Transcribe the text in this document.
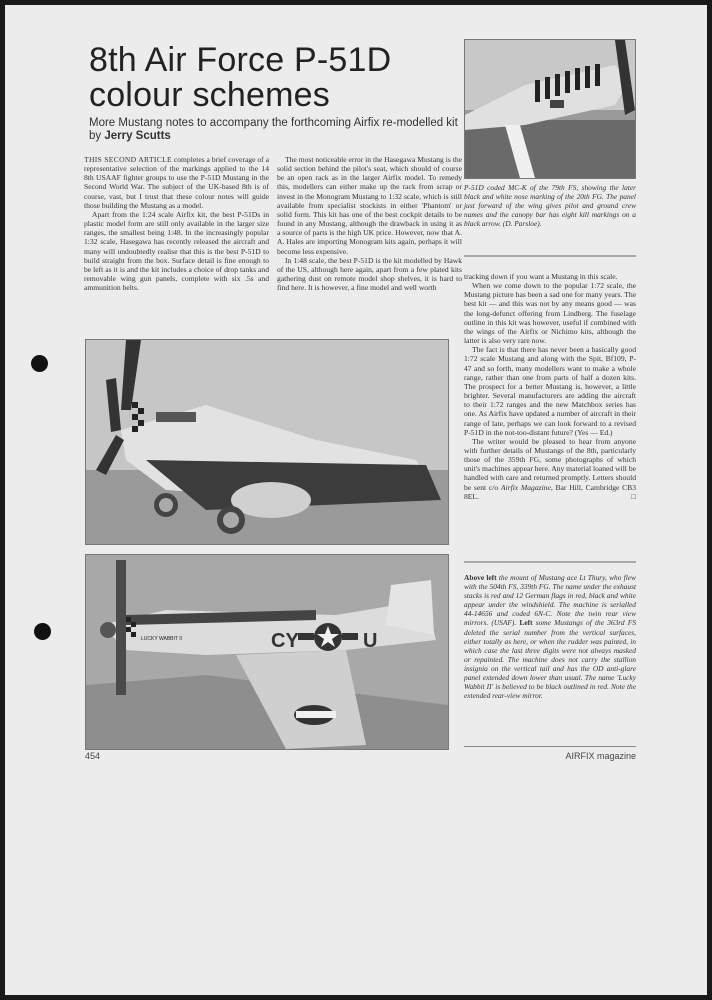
8th Air Force P-51D
colour schemes
More Mustang notes to accompany the forthcoming Airfix re-modelled kit by Jerry Scutts

THIS SECOND ARTICLE completes a brief coverage of a representative selection of the markings applied to the 14 8th USAAF fighter groups to use the P-51D Mustang in the Second World War. The subject of the UK-based 8th is of course, vast, but I trust that these colour notes will guide those building the Mustang as a model.

Apart from the 1:24 scale Airfix kit, the best P-51Ds in plastic model form are still only available in the larger size ranges, the smallest being 1:48. In the increasingly popular 1:32 scale, Hasegawa has recently released the aircraft and many will undoubtedly realise that this is the best P-51D to build straight from the box. Surface detail is fine enough to be left as it is and the kit includes a choice of drop tanks and removable wing gun panels, complete with six .5s and ammunition belts.

The most noticeable error in the Hasegawa Mustang is the solid section behind the pilot's seat, which should of course be an open rack as in the larger Airfix model. To remedy this, modellers can either make up the rack from scrap or invest in the Monogram Mustang to 1:32 scale, which is still available from specialist stockists in either 'Phantom' or solid form. This kit has one of the best cockpit details to be found in any Mustang, although the drawback in using it as a source of parts is the high UK price. However, now that A. A. Hales are importing Monogram kits again, perhaps it will become less expensive.

In 1:48 scale, the best P-51D is the kit modelled by Hawk of the US, although here again, apart from a few plated kits gathering dust on remote model shop shelves, it is hard to find here. It is however, a fine model and well worth

P-51D coded MC-K of the 79th FS, showing the later black and white nose marking of the 20th FG. The panel just forward of the wing gives pilot and ground crew names and the canopy bar has eight kill markings on a black arrow. (D. Parsloe).

tracking down if you want a Mustang in this scale.

When we come down to the popular 1:72 scale, the Mustang picture has been a sad one for many years. The best kit — and this was not by any means good — was the long-defunct offering from Lindberg. The fuselage outline in this kit was however, useful if combined with the wings of the Airfix or Nichimo kits, although the latter is also very rare now.

The fact is that there has never been a basically good 1:72 scale Mustang and along with the Spit, Bf109, P-47 and so forth, many modellers want to make a whole range, rather than one from parts of half a dozen kits. The prospect for a better Mustang is, however, a little brighter. Several manufacturers are adding the aircraft to their 1:72 ranges and the new Matchbox series has one. As Airfix have updated a number of aircraft in their range of late, perhaps we can look forward to a revised P-51D in the not-too-distant future? (Yes — Ed.)

The writer would be pleased to hear from anyone with further details of Mustangs of the 8th, particularly those of the 359th FG, some photographs of which unit's machines appear here. Any material loaned will be handled with care and returned promptly. Letters should be sent c/o Airfix Magazine, Bar Hill, Cambridge CB3 8EL.	□

Above left the mount of Mustang ace Lt Thury, who flew with the 504th FS, 339th FG. The name under the exhaust stacks is red and 12 German flags in red, black and white appear under the windshield. The machine is serialled 44-14656 and coded 6N-C. Note the twin rear view mirrors. (USAF). Left some Mustangs of the 363rd FS deleted the serial number from the vertical surfaces, either totally as here, or when the rudder was painted, in which case the last three digits were not always masked or repainted. The machine does not carry the stallion insignia on the vertical tail and has the OD anti-glare panel extended down lower than usual. The name 'Lucky Wabbit II' is believed to be black outlined in red. Note the extended rear-view mirror.
CY	U
LUCKY WABBIT II
454	AIRFIX magazine
